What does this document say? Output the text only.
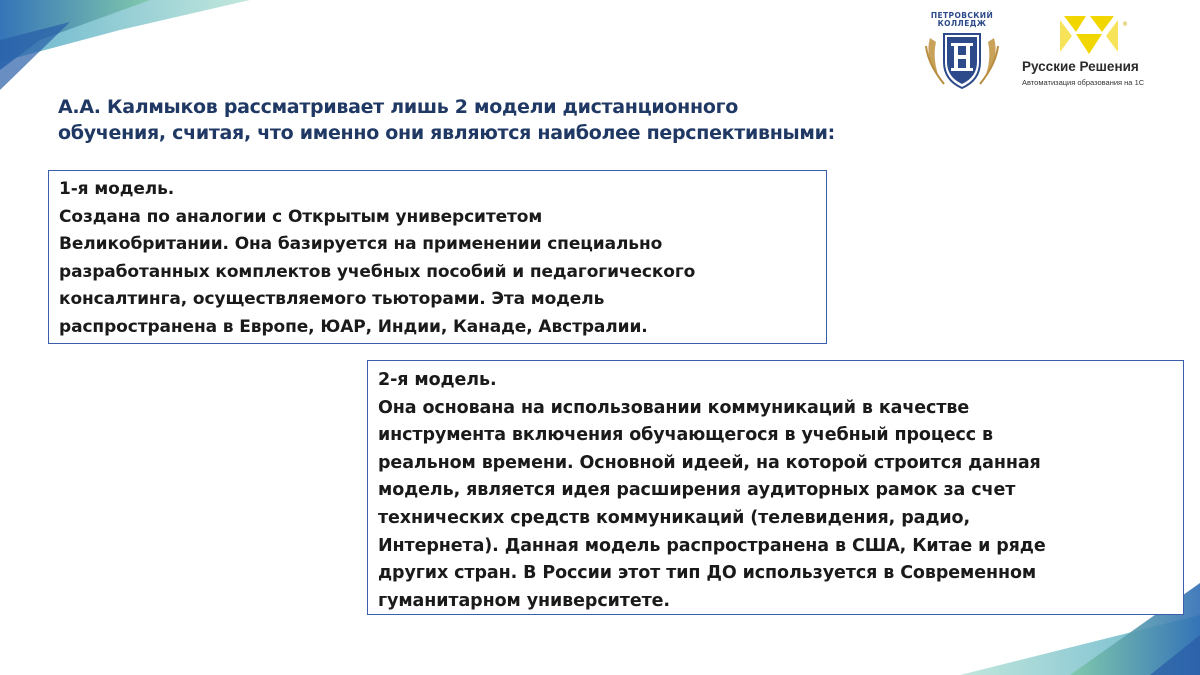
ПЕТРОВСКИЙ
КОЛЛЕДЖ	®
Русские Решения
Автоматизация образования на 1С
А.А. Калмыков рассматривает лишь 2 модели дистанционного
обучения, считая, что именно они являются наиболее перспективными:
1-я модель.
Создана по аналогии с Открытым университетом
Великобритании. Она базируется на применении специально
разработанных комплектов учебных пособий и педагогического
консалтинга, осуществляемого тьюторами. Эта модель
распространена в Европе, ЮАР, Индии, Канаде, Австралии.
2-я модель.
Она основана на использовании коммуникаций в качестве
инструмента включения обучающегося в учебный процесс в
реальном времени. Основной идеей, на которой строится данная
модель, является идея расширения аудиторных рамок за счет
технических средств коммуникаций (телевидения, радио,
Интернета). Данная модель распространена в США, Китае и ряде
других стран. В России этот тип ДО используется в Современном
гуманитарном университете.
